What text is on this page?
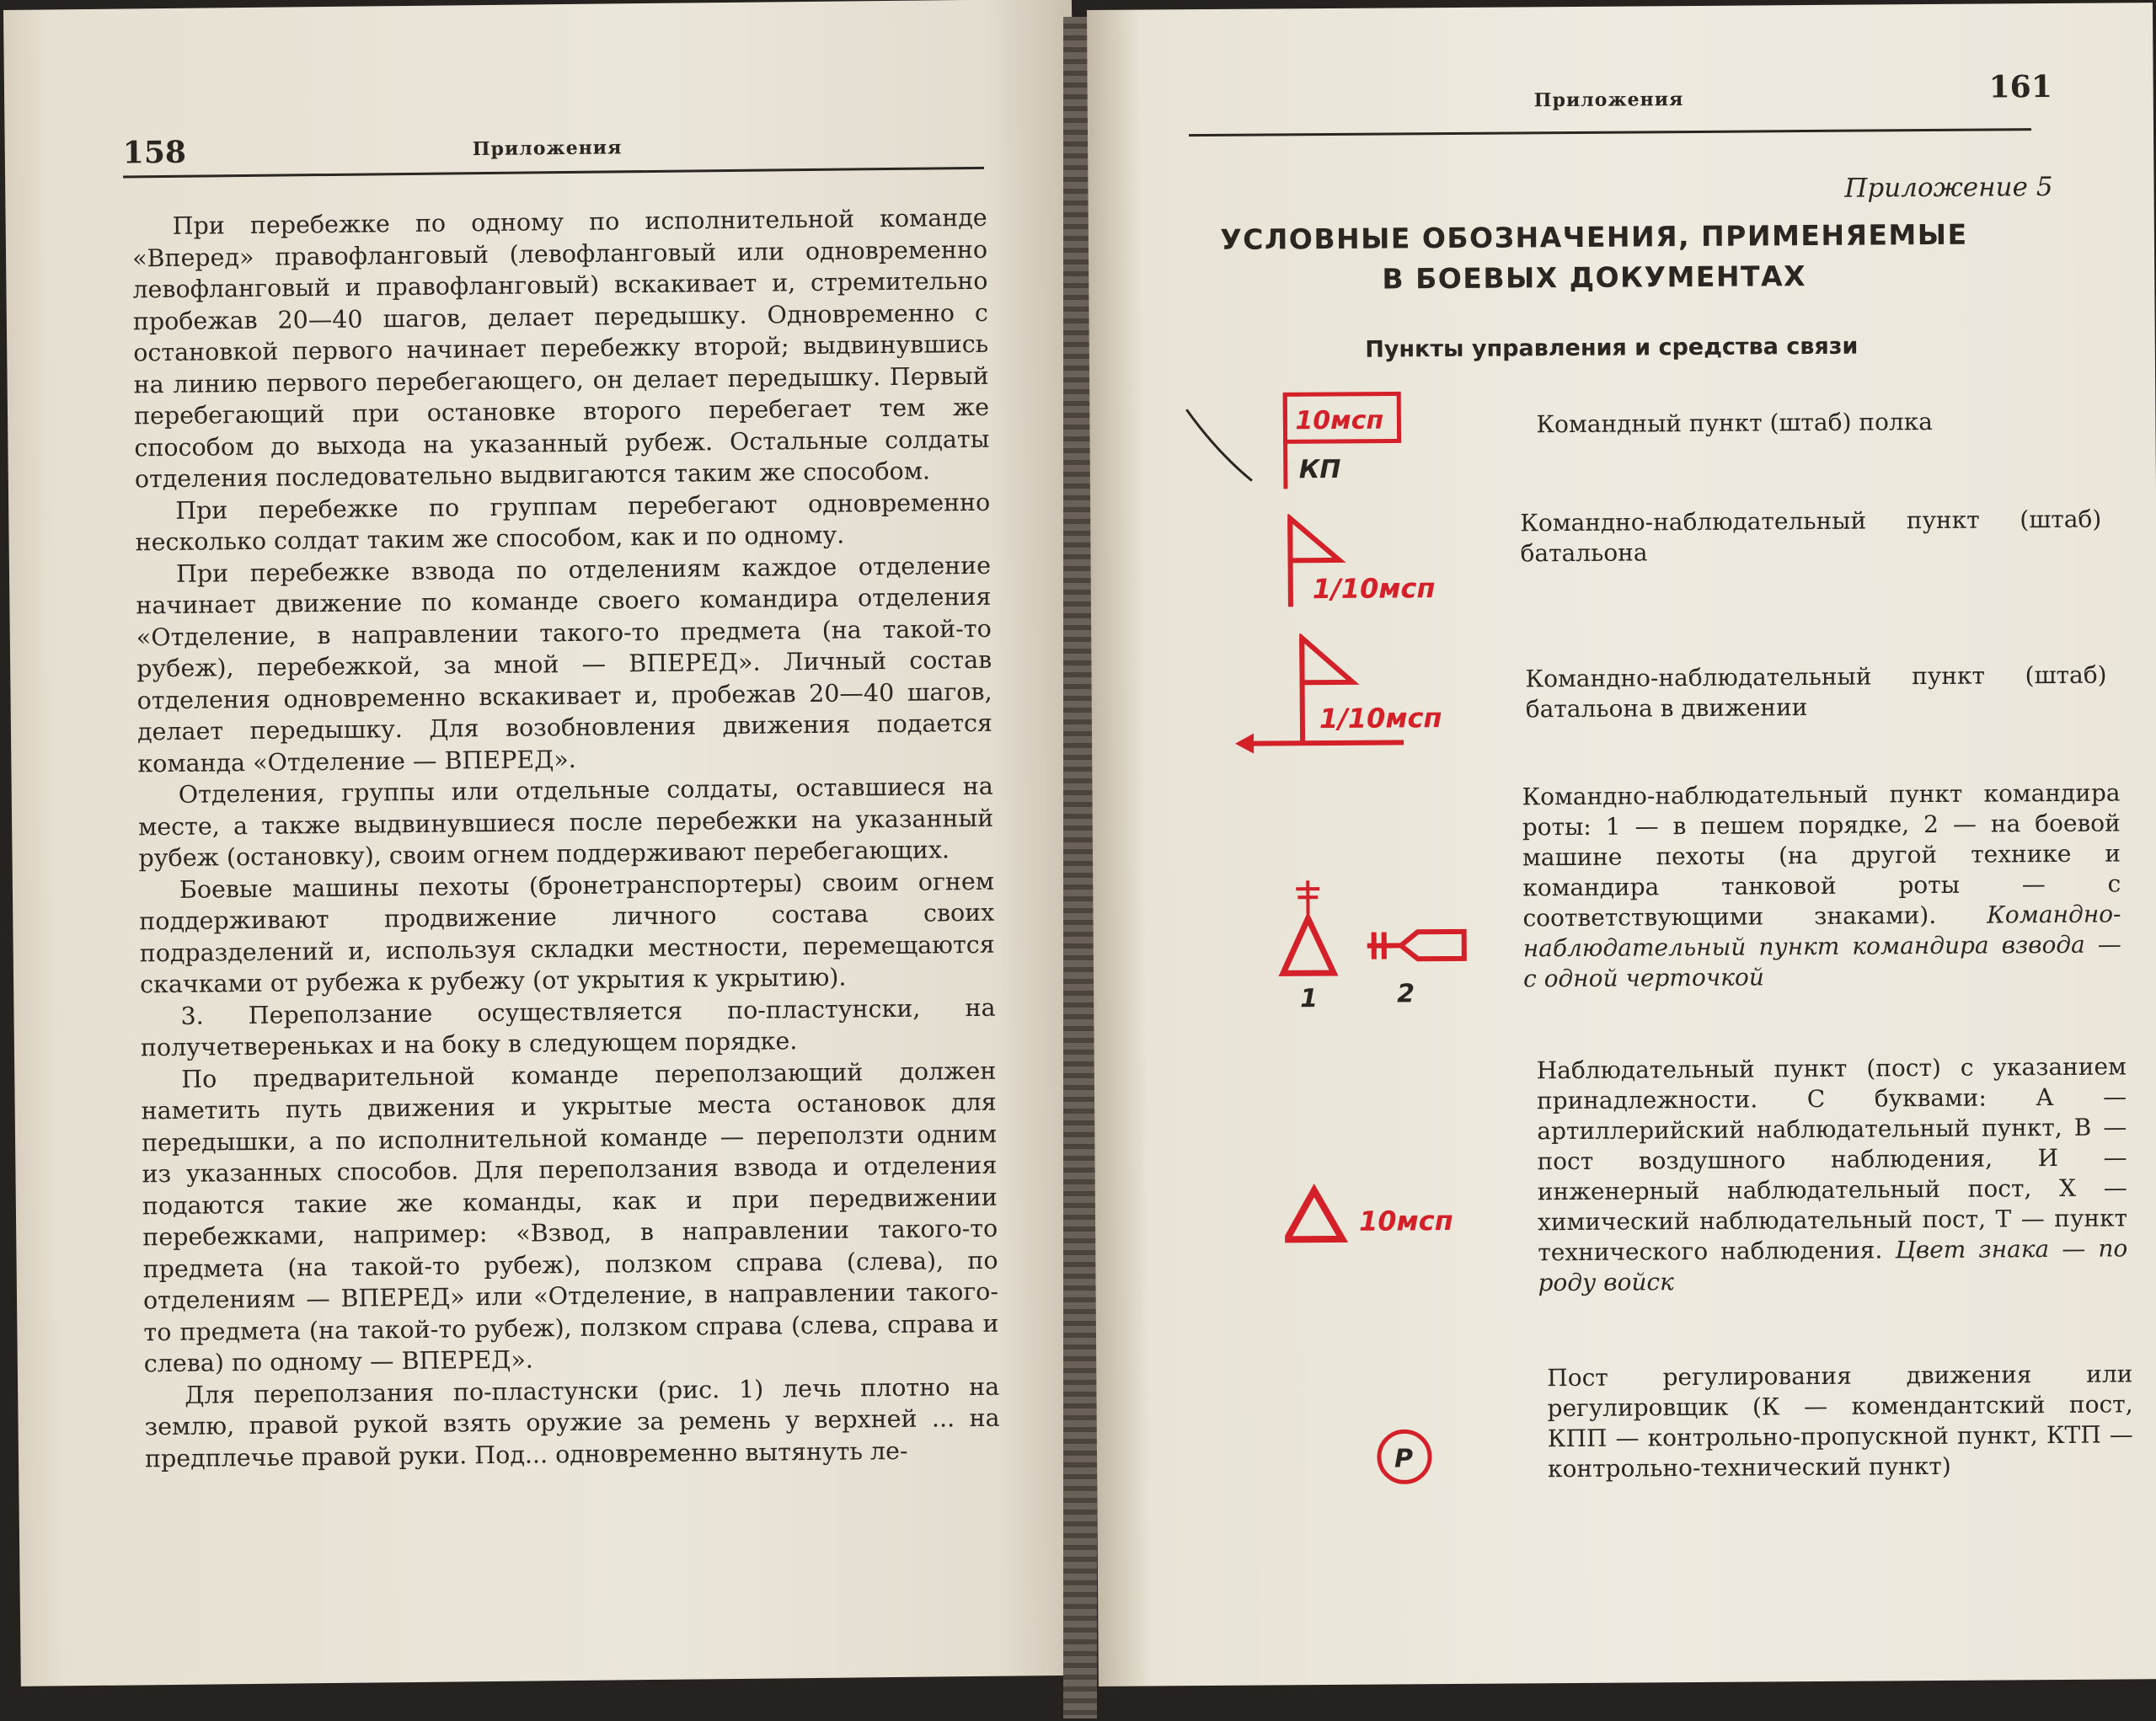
158	Приложения

При перебежке по одному по исполнительной команде «Вперед» правофланговый (левофланговый или одновременно левофланговый и правофланговый) вскакивает и, стремительно пробежав 20—40 шагов, делает передышку. Одновременно с остановкой первого начинает перебежку второй; выдвинувшись на линию первого перебегающего, он делает передышку. Первый перебегающий при остановке второго перебегает тем же способом до выхода на указанный рубеж. Остальные солдаты отделения последовательно выдвигаются таким же способом.

При перебежке по группам перебегают одновременно несколько солдат таким же способом, как и по одному.

При перебежке взвода по отделениям каждое отделение начинает движение по команде своего командира отделения «Отделение, в направлении такого-то предмета (на такой-то рубеж), перебежкой, за мной — ВПЕРЕД». Личный состав отделения одновременно вскакивает и, пробежав 20—40 шагов, делает передышку. Для возобновления движения подается команда «Отделение — ВПЕРЕД».

Отделения, группы или отдельные солдаты, оставшиеся на месте, а также выдвинувшиеся после перебежки на указанный рубеж (остановку), своим огнем поддерживают перебегающих.

Боевые машины пехоты (бронетранспортеры) своим огнем поддерживают продвижение личного состава своих подразделений и, используя складки местности, перемещаются скачками от рубежа к рубежу (от укрытия к укрытию).

3. Переползание осуществляется по-пластунски, на получетвереньках и на боку в следующем порядке.

По предварительной команде переползающий должен наметить путь движения и укрытые места остановок для передышки, а по исполнительной команде — переползти одним из указанных способов. Для переползания взвода и отделения подаются такие же команды, как и при передвижении перебежками, например: «Взвод, в направлении такого-то предмета (на такой-то рубеж), ползком справа (слева), по отделениям — ВПЕРЕД» или «Отделение, в направлении такого-то предмета (на такой-то рубеж), ползком справа (слева, справа и слева) по одному — ВПЕРЕД».

Для переползания по-пластунски (рис. 1) лечь плотно на землю, правой рукой взять оружие за ремень у верхней ... на предплечье правой руки. Под... одновременно вытянуть ле-

Приложения	161
Приложение 5
УСЛОВНЫЕ ОБОЗНАЧЕНИЯ, ПРИМЕНЯЕМЫЕ
В БОЕВЫХ ДОКУМЕНТАХ
Пункты управления и средства связи
10мсп
КП
Командный пункт (штаб) полка
1/10мсп
Командно-наблюдательный пункт (штаб) батальона
1/10мсп
Командно-наблюдательный пункт (штаб) батальона в движении
1	2
Командно-наблюдательный пункт командира роты: 1 — в пешем порядке, 2 — на боевой машине пехоты (на другой технике и командира танковой роты — с соответствующими знаками). Командно-наблюдательный пункт командира взвода — с одной черточкой
10мсп
Наблюдательный пункт (пост) с указанием принадлежности. С буквами: А — артиллерийский наблюдательный пункт, В — пост воздушного наблюдения, И — инженерный наблюдательный пост, Х — химический наблюдательный пост, Т — пункт технического наблюдения. Цвет знака — по роду войск
Р
Пост регулирования движения или регулировщик (К — комендантский пост, КПП — контрольно-пропускной пункт, КТП — контрольно-технический пункт)
